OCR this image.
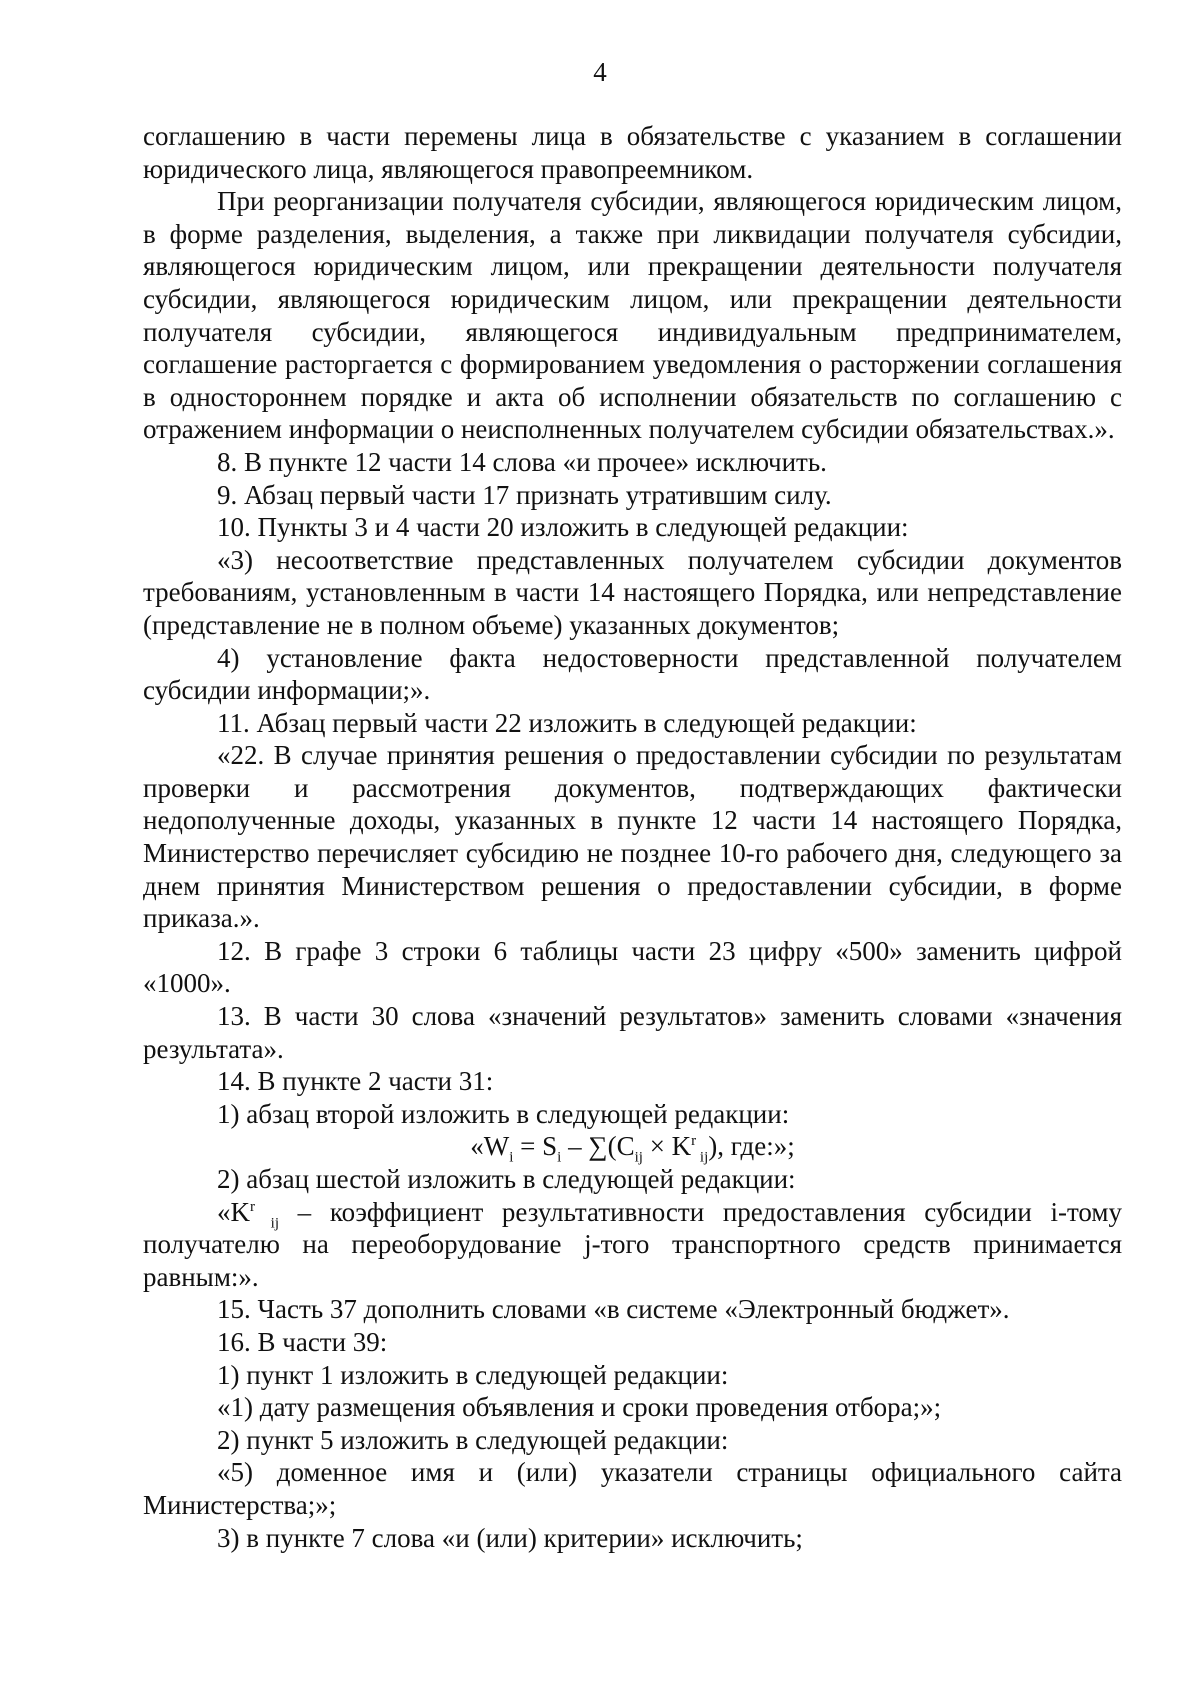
4

соглашению в части перемены лица в обязательстве с указанием в соглашении юридического лица, являющегося правопреемником.

При реорганизации получателя субсидии, являющегося юридическим лицом, в форме разделения, выделения, а также при ликвидации получателя субсидии, являющегося юридическим лицом, или прекращении деятельности получателя субсидии, являющегося юридическим лицом, или прекращении деятельности получателя субсидии, являющегося индивидуальным предпринимателем, соглашение расторгается с формированием уведомления о расторжении соглашения в одностороннем порядке и акта об исполнении обязательств по соглашению с отражением информации о неисполненных получателем субсидии обязательствах.».

8. В пункте 12 части 14 слова «и прочее» исключить.

9. Абзац первый части 17 признать утратившим силу.

10. Пункты 3 и 4 части 20 изложить в следующей редакции:

«3) несоответствие представленных получателем субсидии документов требованиям, установленным в части 14 настоящего Порядка, или непредставление (представление не в полном объеме) указанных документов;

4) установление факта недостоверности представленной получателем субсидии информации;».

11. Абзац первый части 22 изложить в следующей редакции:

«22. В случае принятия решения о предоставлении субсидии по результатам проверки и рассмотрения документов, подтверждающих фактически недополученные доходы, указанных в пункте 12 части 14 настоящего Порядка, Министерство перечисляет субсидию не позднее 10-го рабочего дня, следующего за днем принятия Министерством решения о предоставлении субсидии, в форме приказа.».

12. В графе 3 строки 6 таблицы части 23 цифру «500» заменить цифрой «1000».

13. В части 30 слова «значений результатов» заменить словами «значения результата».

14. В пункте 2 части 31:

1) абзац второй изложить в следующей редакции:

«$W_i = S_i - \sum(C_{ij} \times K^r$ $_{ij}$), где:»;

2) абзац шестой изложить в следующей редакции:

«$K^r$ $_{ij}$ – коэффициент результативности предоставления субсидии i-тому получателю на переоборудование j-того транспортного средств принимается равным:».

15. Часть 37 дополнить словами «в системе «Электронный бюджет».

16. В части 39:

1) пункт 1 изложить в следующей редакции:

«1) дату размещения объявления и сроки проведения отбора;»;

2) пункт 5 изложить в следующей редакции:

«5) доменное имя и (или) указатели страницы официального сайта Министерства;»;

3) в пункте 7 слова «и (или) критерии» исключить;
